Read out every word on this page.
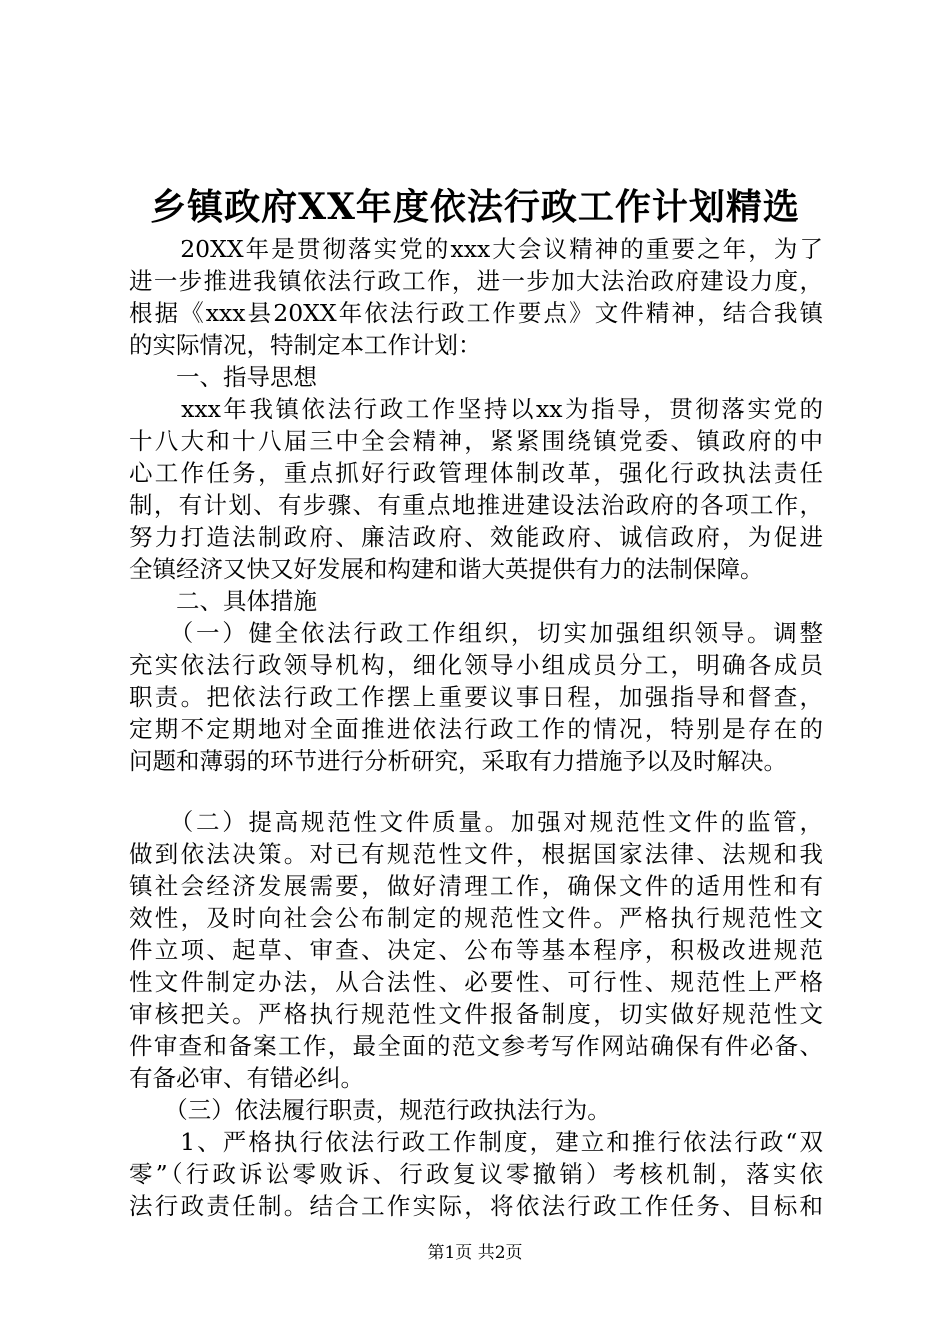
乡镇政府XX年度依法行政工作计划精选
　　20XX年是贯彻落实党的xxx大会议精神的重要之年，为了
进一步推进我镇依法行政工作，进一步加大法治政府建设力度，
根据《xxx县20XX年依法行政工作要点》文件精神，结合我镇
的实际情况，特制定本工作计划：
　　一、指导思想
　　xxx年我镇依法行政工作坚持以xx为指导，贯彻落实党的
十八大和十八届三中全会精神，紧紧围绕镇党委、镇政府的中
心工作任务，重点抓好行政管理体制改革，强化行政执法责任
制，有计划、有步骤、有重点地推进建设法治政府的各项工作，
努力打造法制政府、廉洁政府、效能政府、诚信政府，为促进
全镇经济又快又好发展和构建和谐大英提供有力的法制保障。
　　二、具体措施
　　（一）健全依法行政工作组织，切实加强组织领导。调整
充实依法行政领导机构，细化领导小组成员分工，明确各成员
职责。把依法行政工作摆上重要议事日程，加强指导和督查，
定期不定期地对全面推进依法行政工作的情况，特别是存在的
问题和薄弱的环节进行分析研究，采取有力措施予以及时解决。
　　（二）提高规范性文件质量。加强对规范性文件的监管，
做到依法决策。对已有规范性文件，根据国家法律、法规和我
镇社会经济发展需要，做好清理工作，确保文件的适用性和有
效性，及时向社会公布制定的规范性文件。严格执行规范性文
件立项、起草、审查、决定、公布等基本程序，积极改进规范
性文件制定办法，从合法性、必要性、可行性、规范性上严格
审核把关。严格执行规范性文件报备制度，切实做好规范性文
件审查和备案工作，最全面的范文参考写作网站确保有件必备、
有备必审、有错必纠。
　　（三）依法履行职责，规范行政执法行为。
　　1、严格执行依法行政工作制度，建立和推行依法行政“双
零”（行政诉讼零败诉、行政复议零撤销）考核机制，落实依
法行政责任制。结合工作实际，将依法行政工作任务、目标和
第1页 共2页
